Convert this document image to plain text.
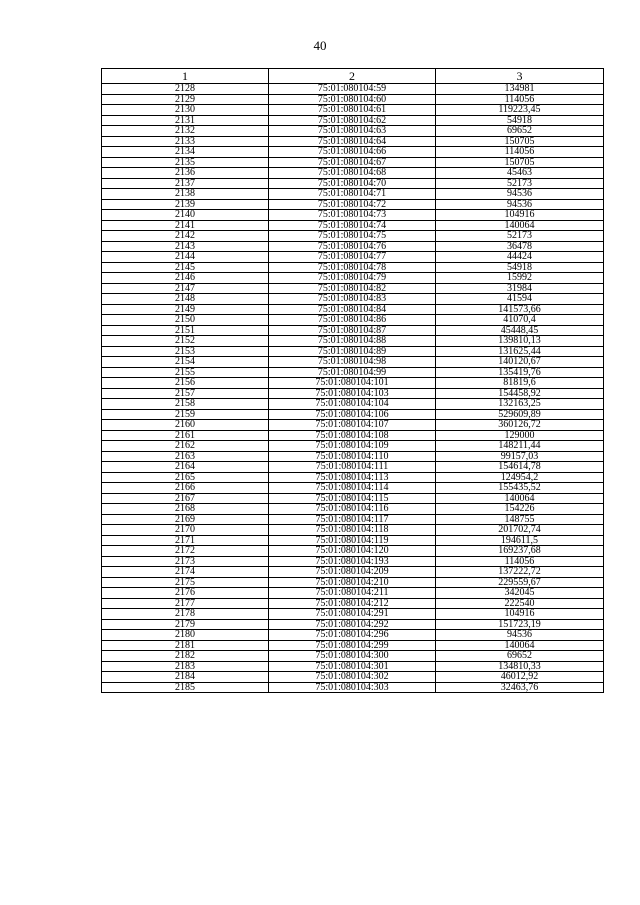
40
1	2	3
2128	75:01:080104:59	134981
2129	75:01:080104:60	114056
2130	75:01:080104:61	119223,45
2131	75:01:080104:62	54918
2132	75:01:080104:63	69652
2133	75:01:080104:64	150705
2134	75:01:080104:66	114056
2135	75:01:080104:67	150705
2136	75:01:080104:68	45463
2137	75:01:080104:70	52173
2138	75:01:080104:71	94536
2139	75:01:080104:72	94536
2140	75:01:080104:73	104916
2141	75:01:080104:74	140064
2142	75:01:080104:75	52173
2143	75:01:080104:76	36478
2144	75:01:080104:77	44424
2145	75:01:080104:78	54918
2146	75:01:080104:79	15992
2147	75:01:080104:82	31984
2148	75:01:080104:83	41594
2149	75:01:080104:84	141573,66
2150	75:01:080104:86	41070,4
2151	75:01:080104:87	45448,45
2152	75:01:080104:88	139810,13
2153	75:01:080104:89	131625,44
2154	75:01:080104:98	140120,67
2155	75:01:080104:99	135419,76
2156	75:01:080104:101	81819,6
2157	75:01:080104:103	154458,92
2158	75:01:080104:104	132163,25
2159	75:01:080104:106	529609,89
2160	75:01:080104:107	360126,72
2161	75:01:080104:108	129000
2162	75:01:080104:109	148211,44
2163	75:01:080104:110	99157,03
2164	75:01:080104:111	154614,78
2165	75:01:080104:113	124954,2
2166	75:01:080104:114	155435,52
2167	75:01:080104:115	140064
2168	75:01:080104:116	154226
2169	75:01:080104:117	148755
2170	75:01:080104:118	201702,74
2171	75:01:080104:119	194611,5
2172	75:01:080104:120	169237,68
2173	75:01:080104:193	114056
2174	75:01:080104:209	137222,72
2175	75:01:080104:210	229559,67
2176	75:01:080104:211	342045
2177	75:01:080104:212	222540
2178	75:01:080104:291	104916
2179	75:01:080104:292	151723,19
2180	75:01:080104:296	94536
2181	75:01:080104:299	140064
2182	75:01:080104:300	69652
2183	75:01:080104:301	134810,33
2184	75:01:080104:302	46012,92
2185	75:01:080104:303	32463,76
